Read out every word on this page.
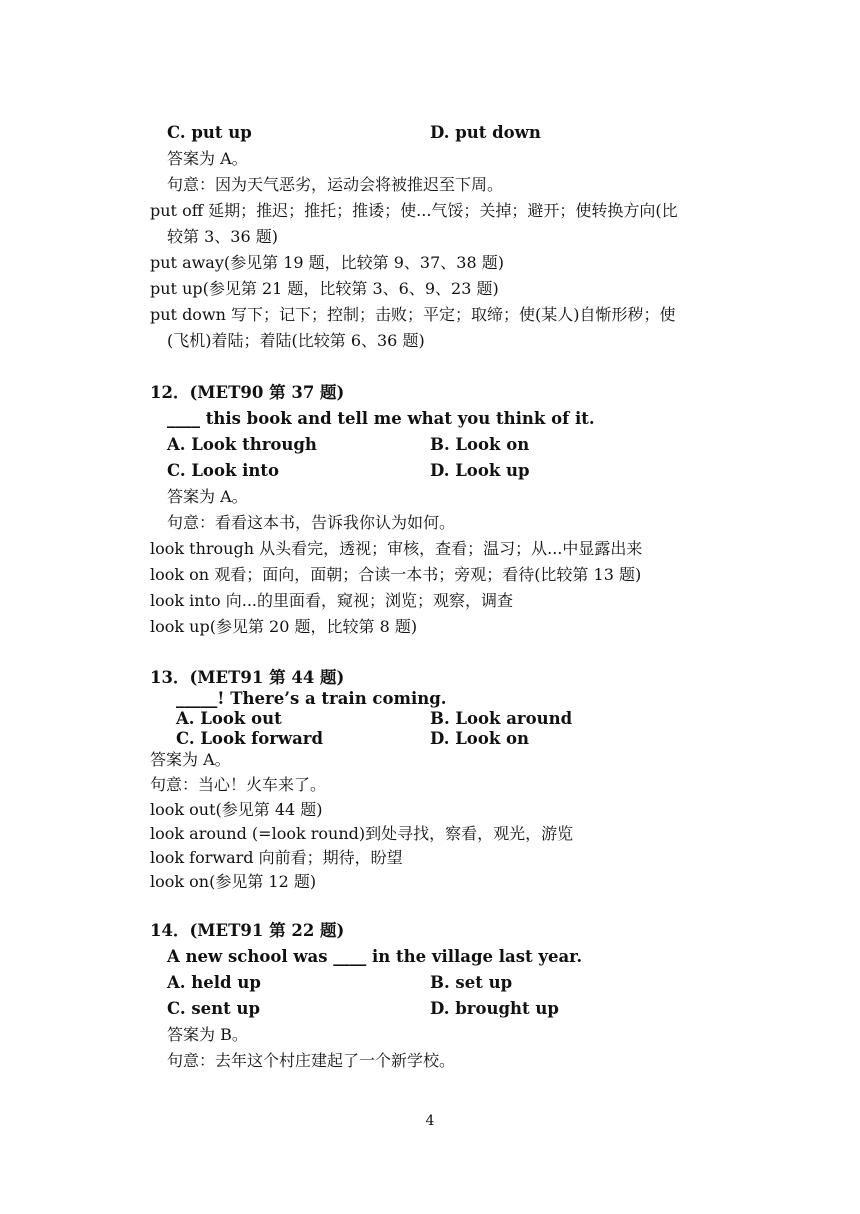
C. put up	D. put down
答案为 A。
句意：因为天气恶劣，运动会将被推迟至下周。
put off 延期；推迟；推托；推诿；使...气馁；关掉；避开；使转换方向(比
较第 3、36 题)
put away(参见第 19 题，比较第 9、37、38 题)
put up(参见第 21 题，比较第 3、6、9、23 题)
put down 写下；记下；控制；击败；平定；取缔；使(某人)自惭形秽；使
(飞机)着陆；着陆(比较第 6、36 题)
12．(MET90 第 37 题)
____ this book and tell me what you think of it.
A. Look through	B. Look on
C. Look into	D. Look up
答案为 A。
句意：看看这本书，告诉我你认为如何。
look through 从头看完，透视；审核，查看；温习；从...中显露出来
look on 观看；面向，面朝；合读一本书；旁观；看待(比较第 13 题)
look into 向...的里面看，窥视；浏览；观察，调查
look up(参见第 20 题，比较第 8 题)
13．(MET91 第 44 题)
_____! There’s a train coming.
A. Look out	B. Look around
C. Look forward	D. Look on
答案为 A。
句意：当心！火车来了。
look out(参见第 44 题)
look around (=look round)到处寻找，察看，观光，游览
look forward 向前看；期待，盼望
look on(参见第 12 题)
14．(MET91 第 22 题)
A new school was ____ in the village last year.
A. held up	B. set up
C. sent up	D. brought up
答案为 B。
句意：去年这个村庄建起了一个新学校。
4
